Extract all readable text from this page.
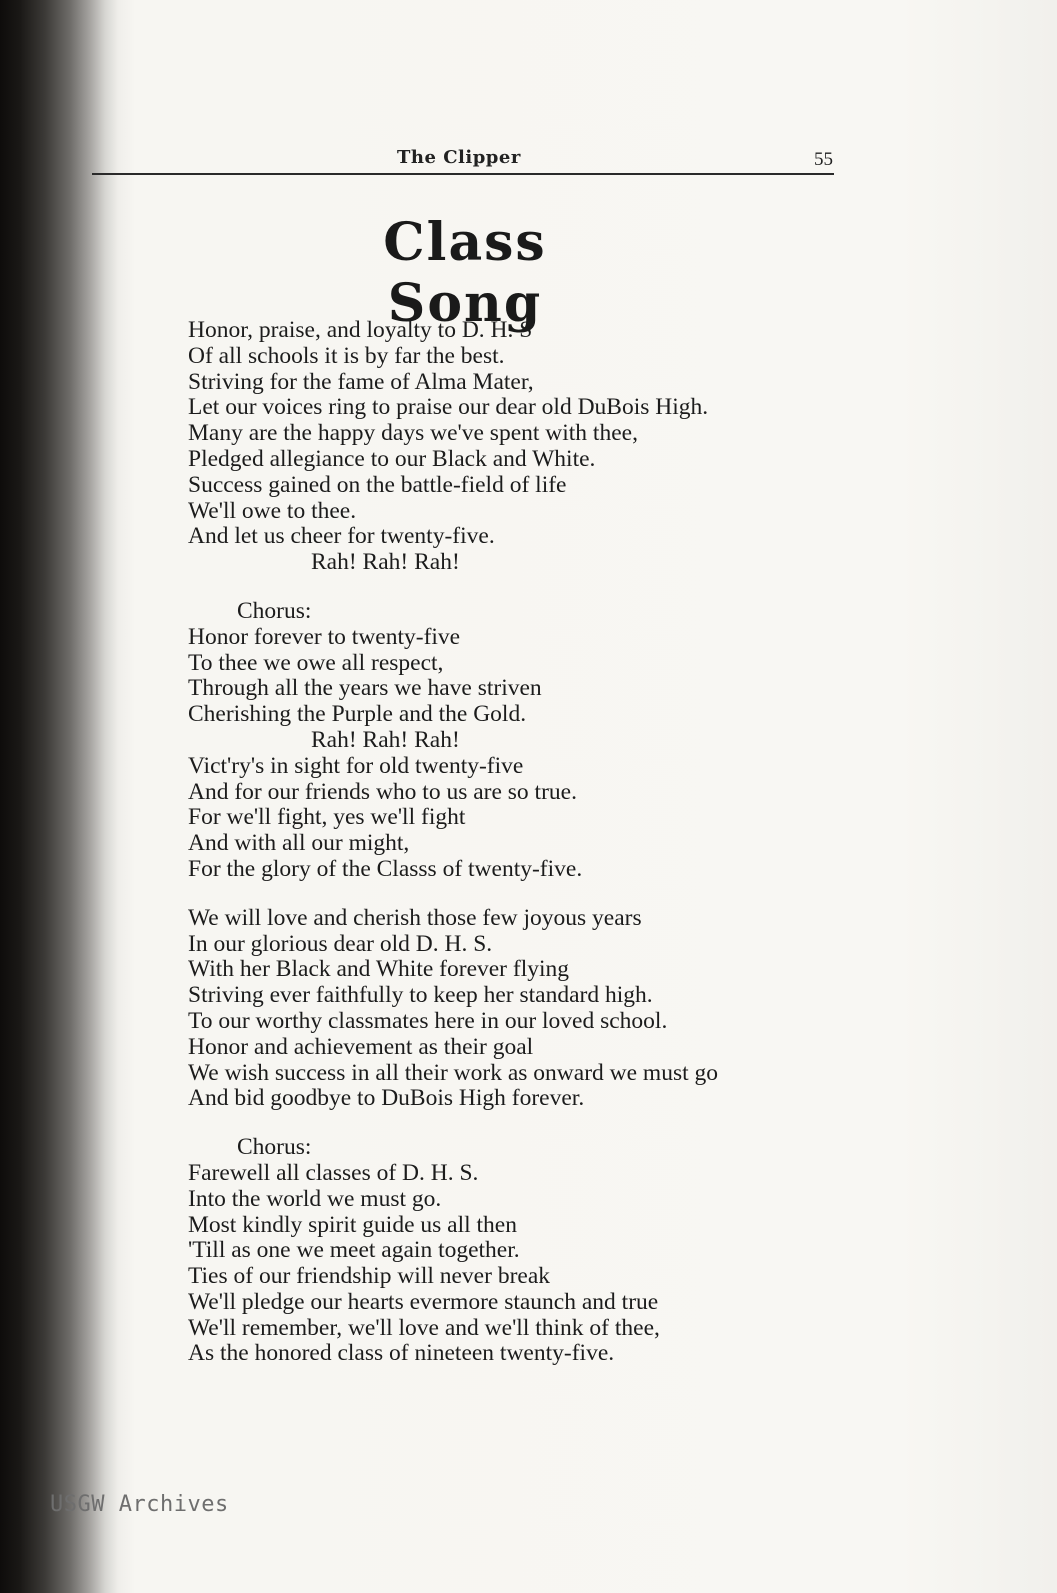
The Clipper	55
Class Song
Honor, praise, and loyalty to D. H. S
Of all schools it is by far the best.
Striving for the fame of Alma Mater,
Let our voices ring to praise our dear old DuBois High.
Many are the happy days we've spent with thee,
Pledged allegiance to our Black and White.
Success gained on the battle-field of life
We'll owe to thee.
And let us cheer for twenty-five.
Rah! Rah! Rah!
Chorus:
Honor forever to twenty-five
To thee we owe all respect,
Through all the years we have striven
Cherishing the Purple and the Gold.
Rah! Rah! Rah!
Vict'ry's in sight for old twenty-five
And for our friends who to us are so true.
For we'll fight, yes we'll fight
And with all our might,
For the glory of the Classs of twenty-five.
We will love and cherish those few joyous years
In our glorious dear old D. H. S.
With her Black and White forever flying
Striving ever faithfully to keep her standard high.
To our worthy classmates here in our loved school.
Honor and achievement as their goal
We wish success in all their work as onward we must go
And bid goodbye to DuBois High forever.
Chorus:
Farewell all classes of D. H. S.
Into the world we must go.
Most kindly spirit guide us all then
'Till as one we meet again together.
Ties of our friendship will never break
We'll pledge our hearts evermore staunch and true
We'll remember, we'll love and we'll think of thee,
As the honored class of nineteen twenty-five.
USGW Archives
